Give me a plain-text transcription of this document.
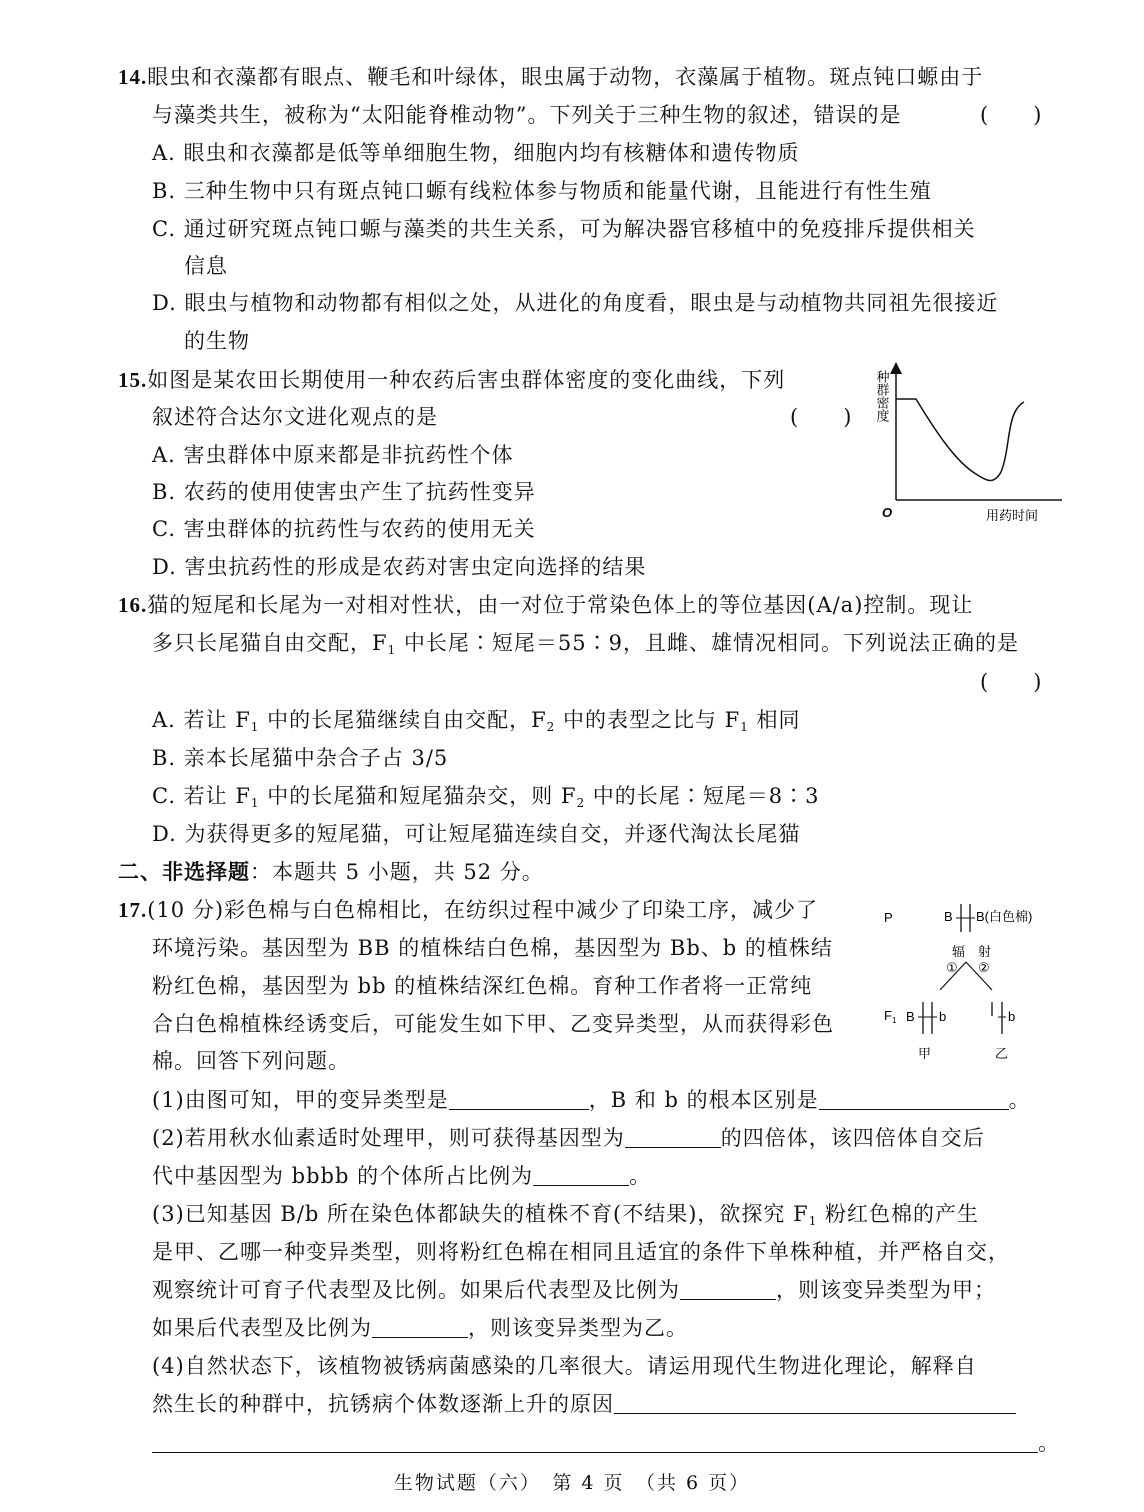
14.眼虫和衣藻都有眼点、鞭毛和叶绿体，眼虫属于动物，衣藻属于植物。斑点钝口螈由于
与藻类共生，被称为“太阳能脊椎动物”。下列关于三种生物的叙述，错误的是	(　　)
A. 眼虫和衣藻都是低等单细胞生物，细胞内均有核糖体和遗传物质
B. 三种生物中只有斑点钝口螈有线粒体参与物质和能量代谢，且能进行有性生殖
C. 通过研究斑点钝口螈与藻类的共生关系，可为解决器官移植中的免疫排斥提供相关
信息
D. 眼虫与植物和动物都有相似之处，从进化的角度看，眼虫是与动植物共同祖先很接近
的生物
15.如图是某农田长期使用一种农药后害虫群体密度的变化曲线，下列
叙述符合达尔文进化观点的是	(　　)
A. 害虫群体中原来都是非抗药性个体
B. 农药的使用使害虫产生了抗药性变异
C. 害虫群体的抗药性与农药的使用无关
D. 害虫抗药性的形成是农药对害虫定向选择的结果
种群密度
O	用药时间
16.猫的短尾和长尾为一对相对性状，由一对位于常染色体上的等位基因(A/a)控制。现让
多只长尾猫自由交配，$F_1$ 中长尾∶短尾＝55∶9，且雌、雄情况相同。下列说法正确的是
(　　)
A. 若让 $F_1$ 中的长尾猫继续自由交配，$F_2$ 中的表型之比与 $F_1$ 相同
B. 亲本长尾猫中杂合子占 3/5
C. 若让 $F_1$ 中的长尾猫和短尾猫杂交，则 $F_2$ 中的长尾∶短尾＝8∶3
D. 为获得更多的短尾猫，可让短尾猫连续自交，并逐代淘汰长尾猫
二、非选择题：本题共 5 小题，共 52 分。
17.(10 分)彩色棉与白色棉相比，在纺织过程中减少了印染工序，减少了
环境污染。基因型为 BB 的植株结白色棉，基因型为 Bb、b 的植株结
粉红色棉，基因型为 bb 的植株结深红色棉。育种工作者将一正常纯
合白色棉植株经诱变后，可能发生如下甲、乙变异类型，从而获得彩色
棉。回答下列问题。
P	B B(白色棉)
辐 射
① ②
$F_1$ B b	b
甲	乙
(1)由图可知，甲的变异类型是	，B 和 b 的根本区别是	。
(2)若用秋水仙素适时处理甲，则可获得基因型为	的四倍体，该四倍体自交后
代中基因型为 bbbb 的个体所占比例为	。
(3)已知基因 B/b 所在染色体都缺失的植株不育(不结果)，欲探究 $F_1$ 粉红色棉的产生
是甲、乙哪一种变异类型，则将粉红色棉在相同且适宜的条件下单株种植，并严格自交，
观察统计可育子代表型及比例。如果后代表型及比例为	，则该变异类型为甲；
如果后代表型及比例为	，则该变异类型为乙。
(4)自然状态下，该植物被锈病菌感染的几率很大。请运用现代生物进化理论，解释自
然生长的种群中，抗锈病个体数逐渐上升的原因
。
生物试题（六）　第 4 页　（共 6 页）
